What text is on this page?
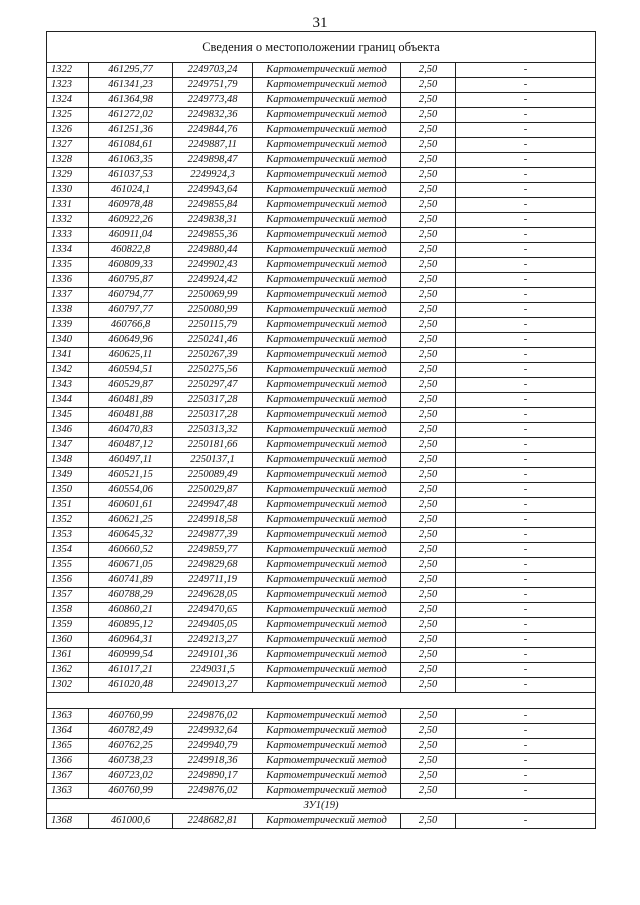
31
Сведения о местоположении границ объекта					
1322	461295,77	2249703,24	Картометрический метод	2,50	-
1323	461341,23	2249751,79	Картометрический метод	2,50	-
1324	461364,98	2249773,48	Картометрический метод	2,50	-
1325	461272,02	2249832,36	Картометрический метод	2,50	-
1326	461251,36	2249844,76	Картометрический метод	2,50	-
1327	461084,61	2249887,11	Картометрический метод	2,50	-
1328	461063,35	2249898,47	Картометрический метод	2,50	-
1329	461037,53	2249924,3	Картометрический метод	2,50	-
1330	461024,1	2249943,64	Картометрический метод	2,50	-
1331	460978,48	2249855,84	Картометрический метод	2,50	-
1332	460922,26	2249838,31	Картометрический метод	2,50	-
1333	460911,04	2249855,36	Картометрический метод	2,50	-
1334	460822,8	2249880,44	Картометрический метод	2,50	-
1335	460809,33	2249902,43	Картометрический метод	2,50	-
1336	460795,87	2249924,42	Картометрический метод	2,50	-
1337	460794,77	2250069,99	Картометрический метод	2,50	-
1338	460797,77	2250080,99	Картометрический метод	2,50	-
1339	460766,8	2250115,79	Картометрический метод	2,50	-
1340	460649,96	2250241,46	Картометрический метод	2,50	-
1341	460625,11	2250267,39	Картометрический метод	2,50	-
1342	460594,51	2250275,56	Картометрический метод	2,50	-
1343	460529,87	2250297,47	Картометрический метод	2,50	-
1344	460481,89	2250317,28	Картометрический метод	2,50	-
1345	460481,88	2250317,28	Картометрический метод	2,50	-
1346	460470,83	2250313,32	Картометрический метод	2,50	-
1347	460487,12	2250181,66	Картометрический метод	2,50	-
1348	460497,11	2250137,1	Картометрический метод	2,50	-
1349	460521,15	2250089,49	Картометрический метод	2,50	-
1350	460554,06	2250029,87	Картометрический метод	2,50	-
1351	460601,61	2249947,48	Картометрический метод	2,50	-
1352	460621,25	2249918,58	Картометрический метод	2,50	-
1353	460645,32	2249877,39	Картометрический метод	2,50	-
1354	460660,52	2249859,77	Картометрический метод	2,50	-
1355	460671,05	2249829,68	Картометрический метод	2,50	-
1356	460741,89	2249711,19	Картометрический метод	2,50	-
1357	460788,29	2249628,05	Картометрический метод	2,50	-
1358	460860,21	2249470,65	Картометрический метод	2,50	-
1359	460895,12	2249405,05	Картометрический метод	2,50	-
1360	460964,31	2249213,27	Картометрический метод	2,50	-
1361	460999,54	2249101,36	Картометрический метод	2,50	-
1362	461017,21	2249031,5	Картометрический метод	2,50	-
1302	461020,48	2249013,27	Картометрический метод	2,50	-

1363	460760,99	2249876,02	Картометрический метод	2,50	-
1364	460782,49	2249932,64	Картометрический метод	2,50	-
1365	460762,25	2249940,79	Картометрический метод	2,50	-
1366	460738,23	2249918,36	Картометрический метод	2,50	-
1367	460723,02	2249890,17	Картометрический метод	2,50	-
1363	460760,99	2249876,02	Картометрический метод	2,50	-
ЗУ1(19)					
1368	461000,6	2248682,81	Картометрический метод	2,50	-
